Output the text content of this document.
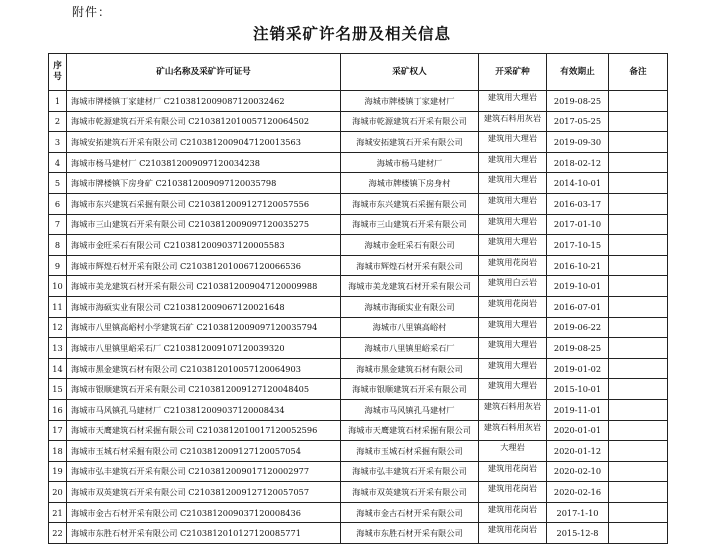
附件：
注销采矿许名册及相关信息
序号	矿山名称及采矿许可证号	采矿权人	开采矿种	有效期止	备注
1	海城市牌楼镇丁家建材厂 C2103812009087120032462	海城市牌楼镇丁家建材厂	建筑用大理岩	2019-08-25	
2	海城市乾源建筑石开采有限公司 C2103812010057120064502	海城市乾源建筑石开采有限公司	建筑石料用灰岩	2017-05-25	
3	海城安拓建筑石开采有限公司 C2103812009047120013563	海城安拓建筑石开采有限公司	建筑用大理岩	2019-09-30	
4	海城市杨马建材厂 C2103812009097120034238	海城市杨马建材厂	建筑用大理岩	2018-02-12	
5	海城市牌楼镇下房身矿 C2103812009097120035798	海城市牌楼镇下房身村	建筑用大理岩	2014-10-01	
6	海城市东兴建筑石采掘有限公司 C2103812009127120057556	海城市东兴建筑石采掘有限公司	建筑用大理岩	2016-03-17	
7	海城市三山建筑石开采有限公司 C2103812009097120035275	海城市三山建筑石开采有限公司	建筑用大理岩	2017-01-10	
8	海城市金旺采石有限公司 C2103812009037120005583	海城市金旺采石有限公司	建筑用大理岩	2017-10-15	
9	海城市辉煌石材开采有限公司 C2103812010067120066536	海城市辉煌石材开采有限公司	建筑用花岗岩	2016-10-21	
10	海城市美龙建筑石材开采有限公司 C2103812009047120009988	海城市美龙建筑石材开采有限公司	建筑用白云岩	2019-10-01	
11	海城市海硕实业有限公司 C2103812009067120021648	海城市海硕实业有限公司	建筑用花岗岩	2016-07-01	
12	海城市八里镇高峪村小学建筑石矿 C2103812009097120035794	海城市八里镇高峪村	建筑用大理岩	2019-06-22	
13	海城市八里镇里峪采石厂 C2103812009107120039320	海城市八里镇里峪采石厂	建筑用大理岩	2019-08-25	
14	海城市黑金建筑石材有限公司 C2103812010057120064903	海城市黑金建筑石材有限公司	建筑用大理岩	2019-01-02	
15	海城市银顺建筑石开采有限公司 C2103812009127120048405	海城市银顺建筑石开采有限公司	建筑用大理岩	2015-10-01	
16	海城市马风镇孔马建材厂 C2103812009037120008434	海城市马风镇孔马建材厂	建筑石料用灰岩	2019-11-01	
17	海城市天鹰建筑石材采掘有限公司 C2103812010017120052596	海城市天鹰建筑石材采掘有限公司	建筑石料用灰岩	2020-01-01	
18	海城市玉城石材采掘有限公司 C2103812009127120057054	海城市玉城石材采掘有限公司	大理岩	2020-01-12	
19	海城市弘丰建筑石开采有限公司 C2103812009017120002977	海城市弘丰建筑石开采有限公司	建筑用花岗岩	2020-02-10	
20	海城市双英建筑石开采有限公司 C2103812009127120057057	海城市双英建筑石开采有限公司	建筑用花岗岩	2020-02-16	
21	海城市金古石材开采有限公司 C2103812009037120008436	海城市金古石材开采有限公司	建筑用花岗岩	2017-1-10	
22	海城市东胜石材开采有限公司 C2103812010127120085771	海城市东胜石材开采有限公司	建筑用花岗岩	2015-12-8	
